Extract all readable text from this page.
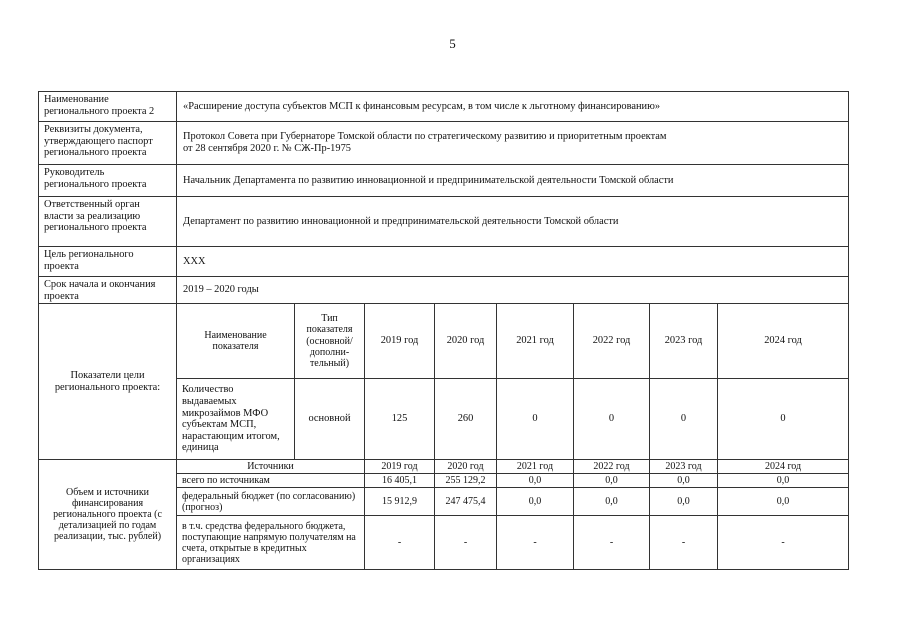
5
Наименование регионального проекта 2	«Расширение доступа субъектов МСП к финансовым ресурсам, в том числе к льготному финансированию»							
Реквизиты документа, утверждающего паспорт регионального проекта	Протокол Совета при Губернаторе Томской области по стратегическому развитию и приоритетным проектам
от 28 сентября 2020 г. № СЖ-Пр-1975							

Руководитель регионального проекта	Начальник Департамента по развитию инновационной и предпринимательской деятельности Томской области							
Ответственный орган власти за реализацию регионального проекта	Департамент по развитию инновационной и предпринимательской деятельности Томской области							
Цель регионального проекта	XXX							
Срок начала и окончания проекта	2019 – 2020 годы							
Показатели цели регионального проекта:	Наименование показателя	Тип показателя (основной/ дополни-тельный)	2019 год	2020 год	2021 год	2022 год	2023 год	2024 год
	Количество выдаваемых микрозаймов МФО субъектам МСП, нарастающим итогом, единица	основной	125	260	0	0	0	0
Объем и источники финансирования регионального проекта (с детализацией по годам реализации, тыс. рублей)	Источники		2019 год	2020 год	2021 год	2022 год	2023 год	2024 год
	всего по источникам		16 405,1	255 129,2	0,0	0,0	0,0	0,0
	федеральный бюджет (по согласованию) (прогноз)		15 912,9	247 475,4	0,0	0,0	0,0	0,0
	в т.ч. средства федерального бюджета, поступающие напрямую получателям на счета, открытые в кредитных организациях		-	-	-	-	-	-
